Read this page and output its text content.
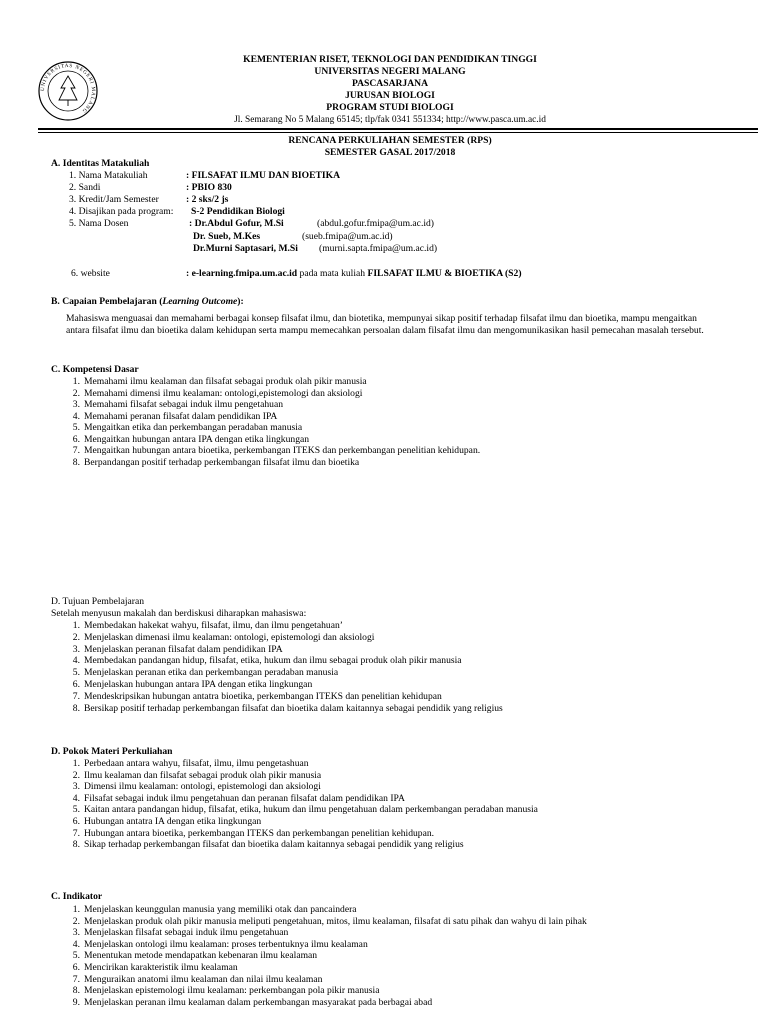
UNIVERSITAS NEGERI MALANG
KEMENTERIAN RISET, TEKNOLOGI DAN PENDIDIKAN TINGGI
UNIVERSITAS NEGERI MALANG
PASCASARJANA
JURUSAN BIOLOGI
PROGRAM STUDI BIOLOGI
Jl. Semarang No 5 Malang 65145; tlp/fak 0341 551334; http://www.pasca.um.ac.id
RENCANA PERKULIAHAN SEMESTER (RPS)
SEMESTER GASAL 2017/2018
A. Identitas Matakuliah
1. Nama Matakuliah	: FILSAFAT ILMU DAN BIOETIKA
2. Sandi	: PBIO 830
3. Kredit/Jam Semester	: 2 sks/2 js
4. Disajikan pada program: S-2 Pendidikan Biologi
5. Nama Dosen	: Dr.Abdul Gofur, M.Si	(abdul.gofur.fmipa@um.ac.id)
Dr. Sueb, M.Kes	(sueb.fmipa@um.ac.id)
Dr.Murni Saptasari, M.Si (murni.sapta.fmipa@um.ac.id)
6. website	: e-learning.fmipa.um.ac.id pada mata kuliah FILSAFAT ILMU & BIOETIKA (S2)
B. Capaian Pembelajaran (Learning Outcome):
Mahasiswa menguasai dan memahami berbagai konsep filsafat ilmu, dan biotetika, mempunyai sikap positif terhadap filsafat ilmu dan bioetika, mampu mengaitkan antara filsafat ilmu dan bioetika dalam kehidupan serta mampu memecahkan persoalan dalam filsafat ilmu dan mengomunikasikan hasil pemecahan masalah tersebut.
C. Kompetensi Dasar
1. Memahami ilmu kealaman dan filsafat sebagai produk olah pikir manusia
2. Memahami dimensi ilmu kealaman: ontologi,epistemologi dan aksiologi
3. Memahami filsafat sebagai induk ilmu pengetahuan
4. Memahami peranan filsafat dalam pendidikan IPA
5. Mengaitkan etika dan perkembangan peradaban manusia
6. Mengaitkan hubungan antara IPA dengan etika lingkungan
7. Mengaitkan hubungan antara bioetika, perkembangan ITEKS dan perkembangan penelitian kehidupan.
8. Berpandangan positif terhadap perkembangan filsafat ilmu dan bioetika
D. Tujuan Pembelajaran
Setelah menyusun makalah dan berdiskusi diharapkan mahasiswa:
1. Membedakan hakekat wahyu, filsafat, ilmu, dan ilmu pengetahuan’
2. Menjelaskan dimenasi ilmu kealaman: ontologi, epistemologi dan aksiologi
3. Menjelaskan peranan filsafat dalam pendidikan IPA
4. Membedakan pandangan hidup, filsafat, etika, hukum dan ilmu sebagai produk olah pikir manusia
5. Menjelaskan peranan etika dan perkembangan peradaban manusia
6. Menjelaskan hubungan antara IPA dengan etika lingkungan
7. Mendeskripsikan hubungan antatra bioetika, perkembangan ITEKS dan penelitian kehidupan
8. Bersikap positif terhadap perkembangan filsafat dan bioetika dalam kaitannya sebagai pendidik yang religius
D. Pokok Materi Perkuliahan
1. Perbedaan antara wahyu, filsafat, ilmu, ilmu pengetashuan
2. Ilmu kealaman dan filsafat sebagai produk olah pikir manusia
3. Dimensi ilmu kealaman: ontologi, epistemologi dan aksiologi
4. Filsafat sebagai induk ilmu pengetahuan dan peranan filsafat dalam pendidikan IPA
5. Kaitan antara pandangan hidup, filsafat, etika, hukum dan ilmu pengetahuan dalam perkembangan peradaban manusia
6. Hubungan antatra IA dengan etika lingkungan
7. Hubungan antara bioetika, perkembangan ITEKS dan perkembangan penelitian kehidupan.
8. Sikap terhadap perkembangan filsafat dan bioetika dalam kaitannya sebagai pendidik yang religius
C. Indikator
1. Menjelaskan keunggulan manusia yang memiliki otak dan pancaindera
2. Menjelaskan produk olah pikir manusia meliputi pengetahuan, mitos, ilmu kealaman, filsafat di satu pihak dan wahyu di lain pihak
3. Menjelaskan filsafat sebagai induk ilmu pengetahuan
4. Menjelaskan ontologi ilmu kealaman: proses terbentuknya ilmu kealaman
5. Menentukan metode mendapatkan kebenaran ilmu kealaman
6. Mencirikan karakteristik ilmu kealaman
7. Menguraikan anatomi ilmu kealaman dan nilai ilmu kealaman
8. Menjelaskan epistemologi ilmu kealaman: perkembangan pola pikir manusia
9. Menjelaskan peranan ilmu kealaman dalam perkembangan masyarakat pada berbagai abad
